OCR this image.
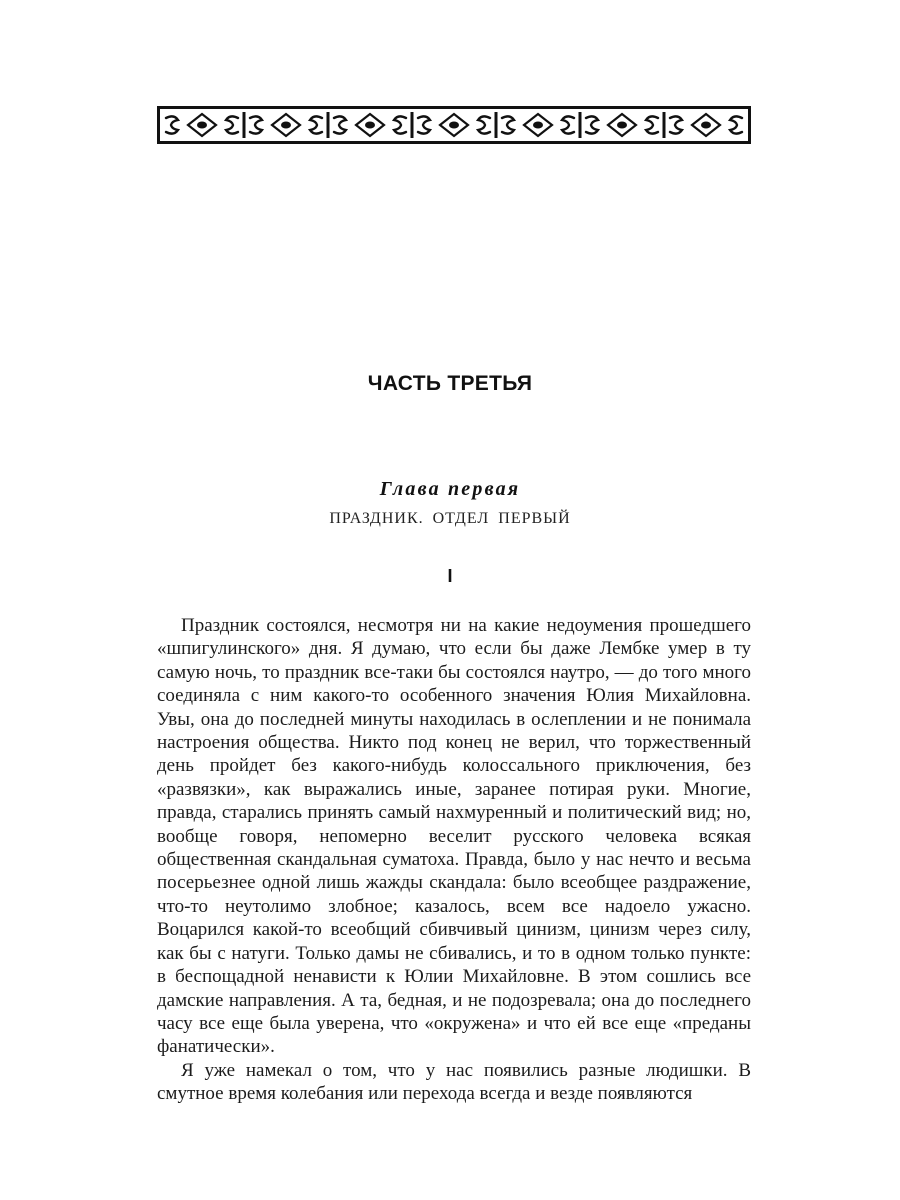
ЧАСТЬ ТРЕТЬЯ
Глава первая
ПРАЗДНИК. ОТДЕЛ ПЕРВЫЙ
I

Праздник состоялся, несмотря ни на какие недоумения прошедшего «шпигулинского» дня. Я думаю, что если бы даже Лембке умер в ту самую ночь, то праздник все-таки бы состоялся наутро, — до того много соединяла с ним какого-то особенного значения Юлия Михайловна. Увы, она до последней минуты находилась в ослеплении и не понимала настроения общества. Никто под конец не верил, что торжественный день пройдет без какого-нибудь колоссального приключения, без «развязки», как выражались иные, заранее потирая руки. Многие, правда, старались принять самый нахмуренный и политический вид; но, вообще говоря, непомерно веселит русского человека всякая общественная скандальная суматоха. Правда, было у нас нечто и весьма посерьезнее одной лишь жажды скандала: было всеобщее раздражение, что-то неутолимо злобное; казалось, всем все надоело ужасно. Воцарился какой-то всеобщий сбивчивый цинизм, цинизм через силу, как бы с натуги. Только дамы не сбивались, и то в одном только пункте: в беспощадной ненависти к Юлии Михайловне. В этом сошлись все дамские направления. А та, бедная, и не подозревала; она до последнего часу все еще была уверена, что «окружена» и что ей все еще «преданы фанатически».

Я уже намекал о том, что у нас появились разные людишки. В смутное время колебания или перехода всегда и везде появляются
